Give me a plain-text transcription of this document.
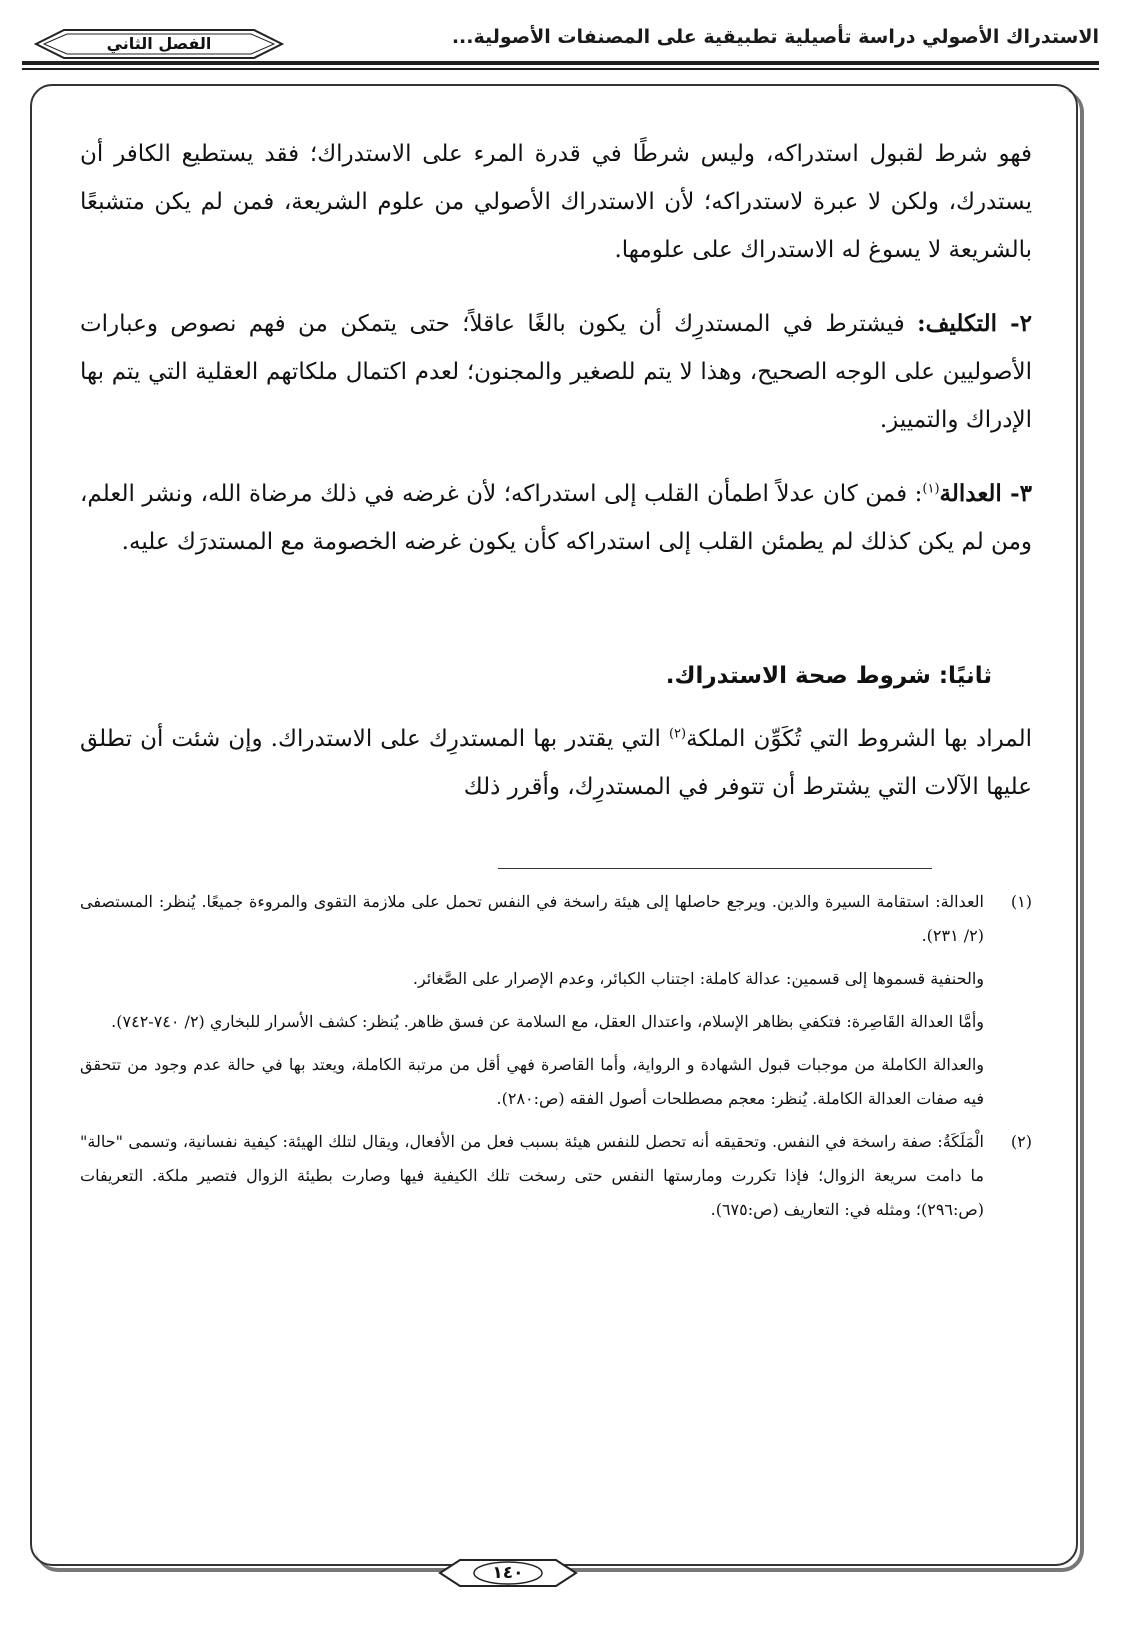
الاستدراك الأصولي دراسة تأصيلية تطبيقية على المصنفات الأصولية...
الفصل الثاني

فهو شرط لقبول استدراكه، وليس شرطًا في قدرة المرء على الاستدراك؛ فقد يستطيع الكافر أن يستدرك، ولكن لا عبرة لاستدراكه؛ لأن الاستدراك الأصولي من علوم الشريعة، فمن لم يكن متشبعًا بالشريعة لا يسوغ له الاستدراك على علومها.

٢- التكليف: فيشترط في المستدرِك أن يكون بالغًا عاقلاً؛ حتى يتمكن من فهم نصوص وعبارات الأصوليين على الوجه الصحيح، وهذا لا يتم للصغير والمجنون؛ لعدم اكتمال ملكاتهم العقلية التي يتم بها الإدراك والتمييز.

٣- العدالة$^{(١)}$: فمن كان عدلاً اطمأن القلب إلى استدراكه؛ لأن غرضه في ذلك مرضاة الله، ونشر العلم، ومن لم يكن كذلك لم يطمئن القلب إلى استدراكه كأن يكون غرضه الخصومة مع المستدرَك عليه.

ثانيًا: شروط صحة الاستدراك.

المراد بها الشروط التي تُكَوِّن الملكة$^{(٢)}$ التي يقتدر بها المستدرِك على الاستدراك. وإن شئت أن تطلق عليها الآلات التي يشترط أن تتوفر في المستدرِك، وأقرر ذلك

(١)
العدالة: استقامة السيرة والدين. ويرجع حاصلها إلى هيئة راسخة في النفس تحمل على ملازمة التقوى والمروءة جميعًا. يُنظر: المستصفى (٢/ ٢٣١).
والحنفية قسموها إلى قسمين: عدالة كاملة: اجتناب الكبائر، وعدم الإصرار على الصَّغائر.
وأمَّا العدالة القَاصِرة: فتكفي بظاهر الإسلام، واعتدال العقل، مع السلامة عن فسق ظاهر. يُنظر: كشف الأسرار للبخاري (٢/ ٧٤٠-٧٤٢).
والعدالة الكاملة من موجبات قبول الشهادة و الرواية، وأما القاصرة فهي أقل من مرتبة الكاملة، ويعتد بها في حالة عدم وجود من تتحقق فيه صفات العدالة الكاملة. يُنظر: معجم مصطلحات أصول الفقه (ص:٢٨٠).
(٢)
الْمَلَكَةُ: صفة راسخة في النفس. وتحقيقه أنه تحصل للنفس هيئة بسبب فعل من الأفعال، ويقال لتلك الهيئة: كيفية نفسانية، وتسمى "حالة" ما دامت سريعة الزوال؛ فإذا تكررت ومارستها النفس حتى رسخت تلك الكيفية فيها وصارت بطيئة الزوال فتصير ملكة. التعريفات (ص:٢٩٦)؛ ومثله في: التعاريف (ص:٦٧٥).
١٤٠
